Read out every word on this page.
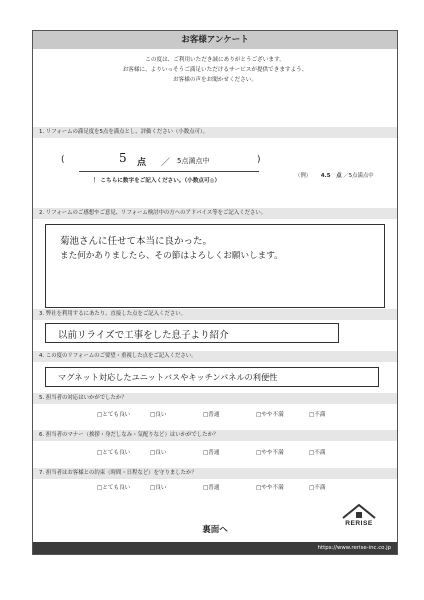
お客様アンケート
この度は、ご利用いただき誠にありがとうございます。
お客様に、よりいっそうご満足いただけるサービスが提供できますよう、
お客様の声をお聞かせください。
1. リフォームの満足度を5点を満点とし、評価ください（小数点可）。
(	5 点 ／ 5点満点中	)
！ こちらに数字をご記入ください。（小数点可◎）
（例） 4.5 点 ／5点満点中
2. リフォームのご感想やご意見、リフォーム検討中の方へのアドバイス等をご記入ください。
菊池さんに任せて本当に良かった。
また何かありましたら、その節はよろしくお願いします。
3. 弊社を利用するにあたり、直接した点をご記入ください。
以前リライズで工事をした息子より紹介
4. この度のリフォームのご要望・重視した点をご記入ください。
マグネット対応したユニットバスやキッチンパネルの利便性
5. 担当者の対応はいかがでしたか？
□とても良い	□良い	□普通	□やや不満	□不満
6. 担当者のマナー（挨拶・身だしなみ・気配りなど）はいかがでしたか？
□とても良い	□良い	□普通	□やや不満	□不満
7. 担当者はお客様との約束（時間・日程など）を守りましたか？
□とても良い	□良い	□普通	□やや不満	□不満
裏面へ
RERISE
https://www.rerise-inc.co.jp
